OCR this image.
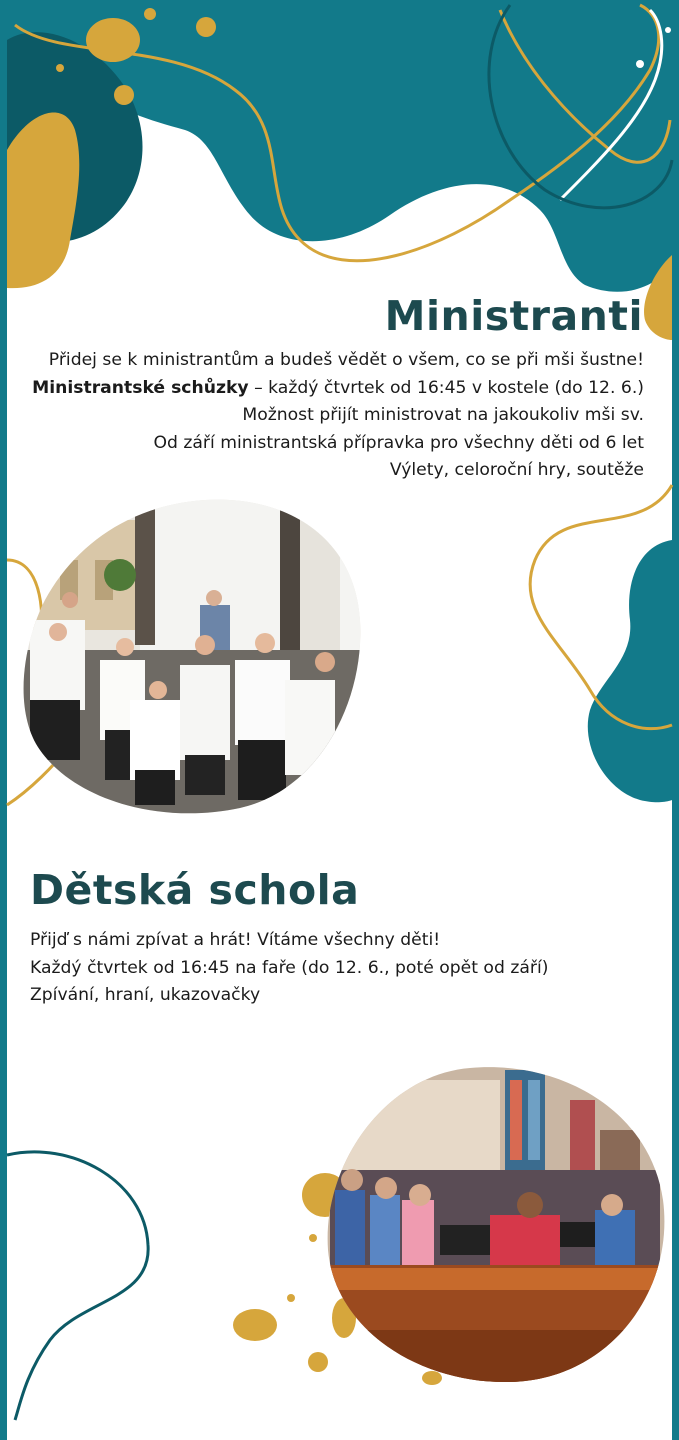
Ministranti

Přidej se k ministrantům a budeš vědět o všem, co se při mši šustne!

Ministrantské schůzky – každý čtvrtek od 16:45 v kostele (do 12. 6.)

Možnost přijít ministrovat na jakoukoliv mši sv.

Od září ministrantská přípravka pro všechny děti od 6 let

Výlety, celoroční hry, soutěže

Dětská schola

Přijď s námi zpívat a hrát! Vítáme všechny děti!

Každý čtvrtek od 16:45 na faře (do 12. 6., poté opět od září)

Zpívání, hraní, ukazovačky
